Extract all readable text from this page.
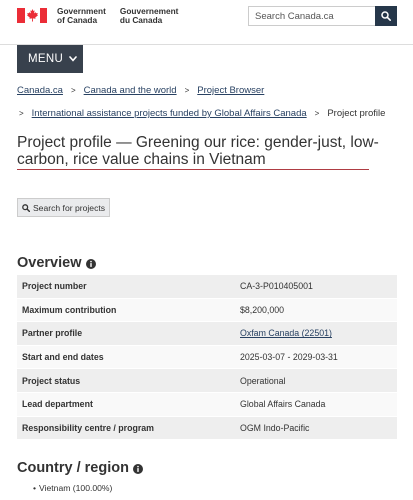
Government
of Canada
Gouvernement
du Canada
Search Canada.ca
MENU
Canada.ca > Canada and the world > Project Browser
> International assistance projects funded by Global Affairs Canada > Project profile
Project profile — Greening our rice: gender-just, low-carbon, rice value chains in Vietnam
Search for projects
Overview
Project number	CA-3-P010405001
Maximum contribution	$8,200,000
Partner profile	Oxfam Canada (22501)
Start and end dates	2025-03-07 - 2029-03-31
Project status	Operational
Lead department	Global Affairs Canada
Responsibility centre / program	OGM Indo-Pacific
Country / region
• Vietnam (100.00%)
